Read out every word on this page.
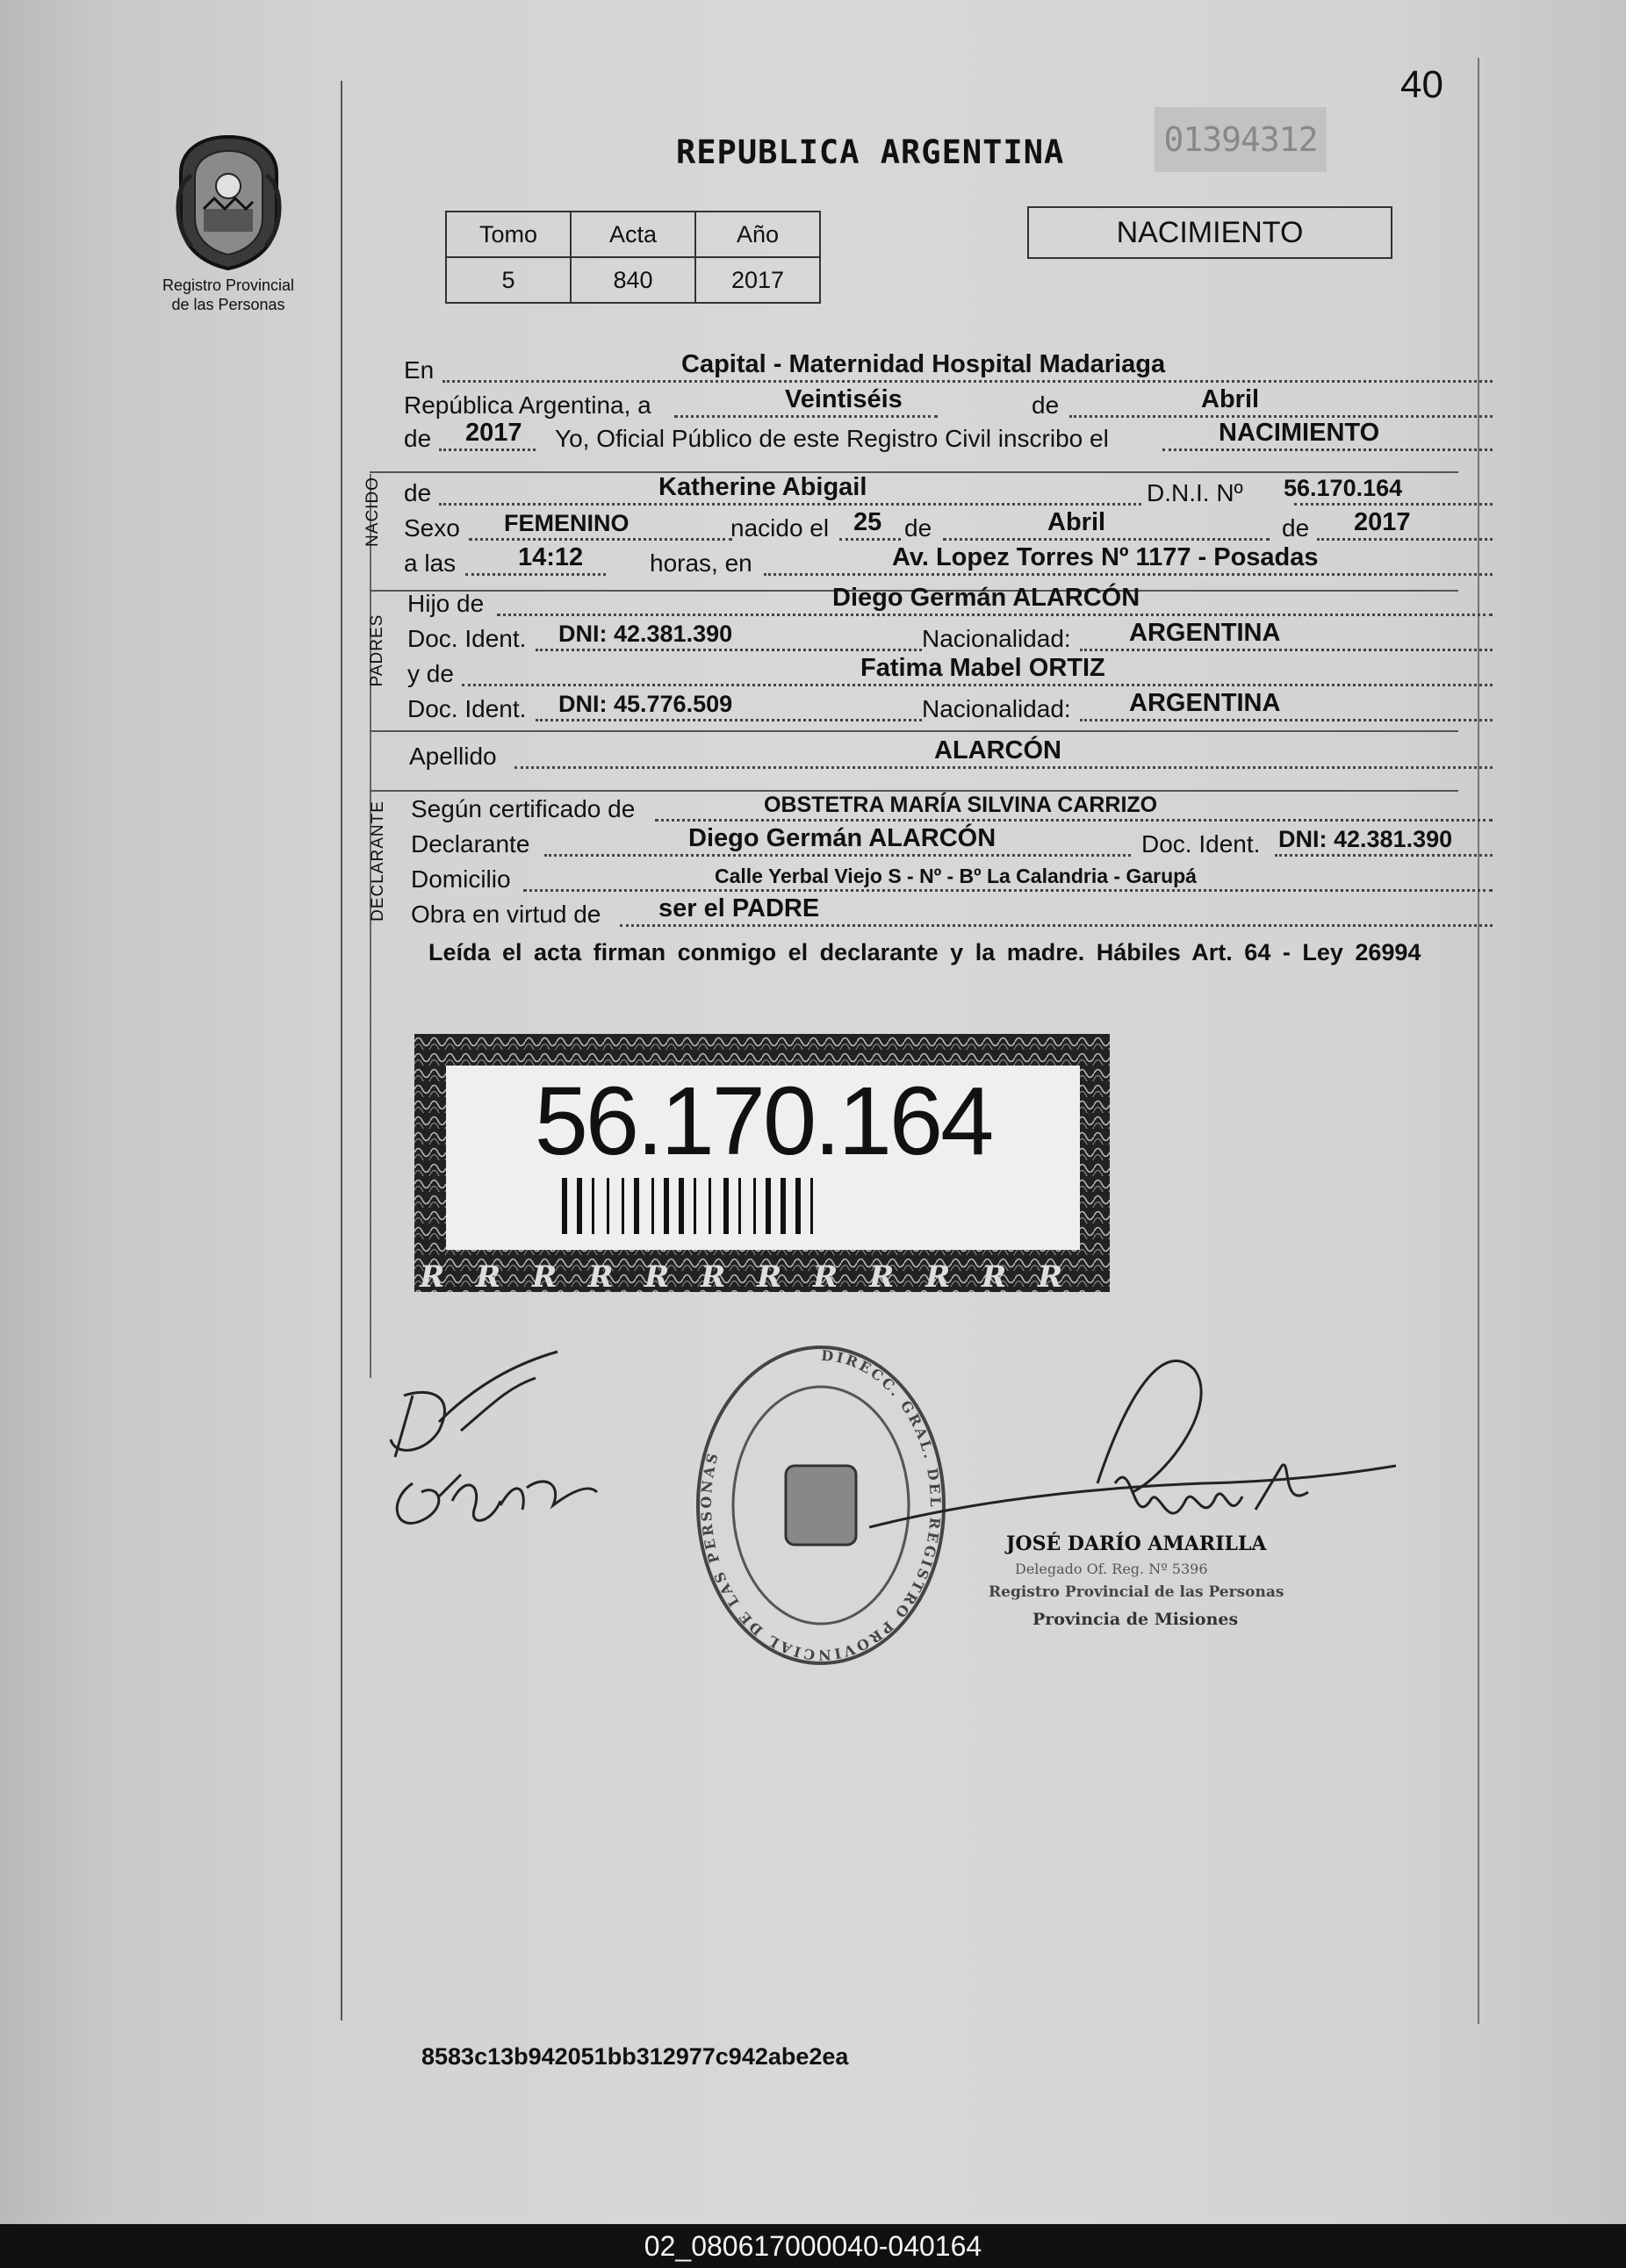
40
Registro Provincial
de las Personas
REPUBLICA ARGENTINA	01394312
Tomo	Acta	Año
5	840	2017
NACIMIENTO
En	Capital - Maternidad Hospital Madariaga
República Argentina, a	Veintiséis	de	Abril
de 2017 Yo, Oficial Público de este Registro Civil inscribo el	NACIMIENTO
NACIDO de	Katherine Abigail	D.N.I. Nº 56.170.164
Sexo FEMENINO	nacido el 25 de	Abril	de 2017
a las 14:12	horas, en	Av. Lopez Torres Nº 1177 - Posadas
PADRES
Hijo de	Diego Germán ALARCÓN
Doc. Ident. DNI: 42.381.390	Nacionalidad: ARGENTINA
y de	Fatima Mabel ORTIZ
Doc. Ident. DNI: 45.776.509	Nacionalidad: ARGENTINA
Apellido	ALARCÓN
DECLARANTE Según certificado de	OBSTETRA MARÍA SILVINA CARRIZO
Declarante	Diego Germán ALARCÓN	Doc. Ident. DNI: 42.381.390
Domicilio	Calle Yerbal Viejo S - Nº - Bº La Calandria - Garupá
Obra en virtud de ser el PADRE
Leída el acta firman conmigo el declarante y la madre. Hábiles Art. 64 - Ley 26994
R R R R R R R R R R R R
56.170.164
DIRECC. GRAL. DEL REGISTRO PROVINCIAL DE LAS PERSONAS
JOSÉ DARÍO AMARILLA
Delegado Of. Reg. Nº 5396
Registro Provincial de las Personas
Provincia de Misiones
8583c13b942051bb312977c942abe2ea
02_080617000040-040164
